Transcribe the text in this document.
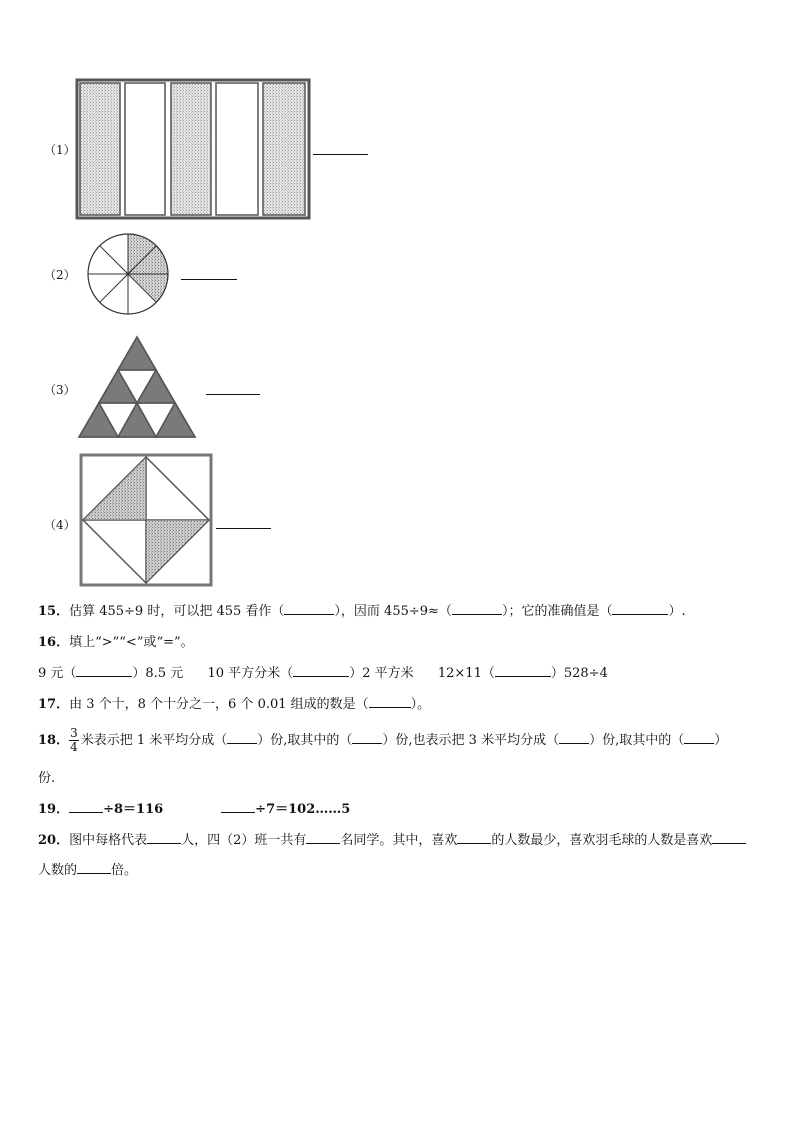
（1）
（2）
（3）
（4）
15．估算 455÷9 时，可以把 455 看作（	），因而 455÷9≈（	）；它的准确值是（	）.
16．填上“>”“<”或“=”。
9 元（	）8.5 元 10 平方分米（	）2 平方米 12×11（	）528÷4
17．由 3 个十，8 个十分之一，6 个 0.01 组成的数是（	）。
18． $\frac{3}{4}$ 米表示把 1 米平均分成（ ）份,取其中的（ ）份,也表示把 3 米平均分成（ ）份,取其中的（ ）
份.
19．	÷8＝116	÷7＝102……5
20．图中每格代表	人，四（2）班一共有	名同学。其中，喜欢	的人数最少，喜欢羽毛球的人数是喜欢
人数的	倍。
